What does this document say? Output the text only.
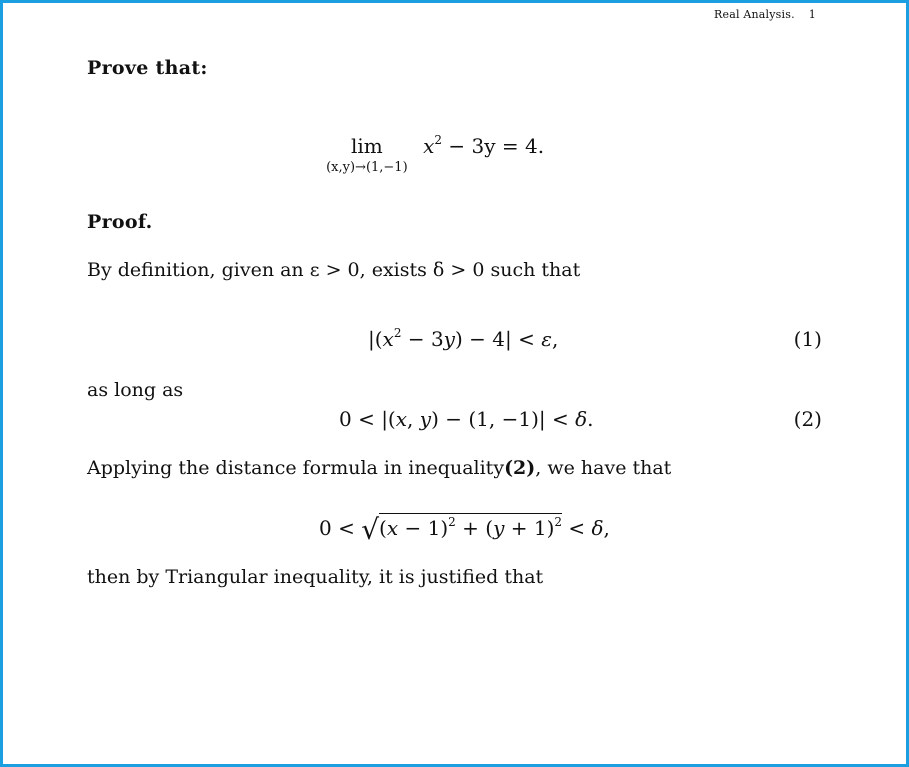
Real Analysis. 1
Prove that:
lim
(x,y)→(1,−1)
$x^2 - 3y = 4$.
Proof.
By definition, given an ε > 0, exists δ > 0 such that
$|(x^2 - 3y) - 4| < \varepsilon$,	(1)
as long as
0 < |(x, y) − (1, −1)| < δ.	(2)
Applying the distance formula in inequality(2), we have that
$0 < √(x - 1)^2 + (y + 1)^2 < \delta$,
then by Triangular inequality, it is justified that
